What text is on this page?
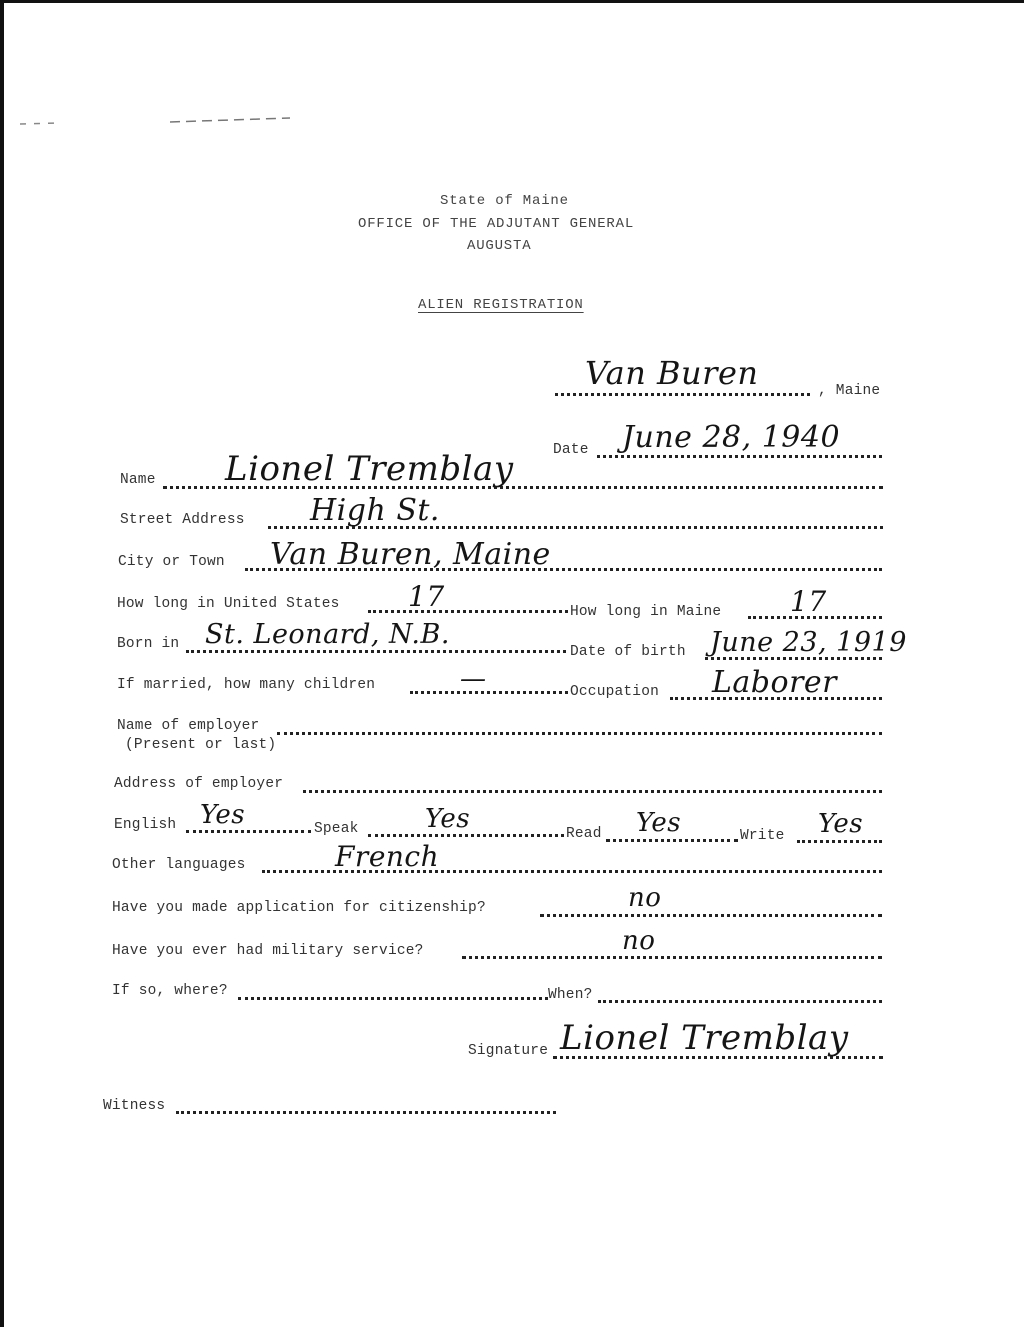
State of Maine
OFFICE OF THE ADJUTANT GENERAL
AUGUSTA
ALIEN REGISTRATION
Van Buren	, Maine
Date June 28, 1940
Name Lionel Tremblay
Street Address High St.
City or Town Van Buren, Maine
How long in United States 17	How long in Maine 17
Born in St. Leonard, N.B.
Date of birth June 23, 1919
If married, how many children	—	Occupation Laborer
Name of employer
(Present or last)
Address of employer
English Yes	Speak	Yes	Read Yes	Write Yes
Other languages	French
Have you made application for citizenship?	no
Have you ever had military service?	no
If so, where?	When?
Signature Lionel Tremblay
Witness
